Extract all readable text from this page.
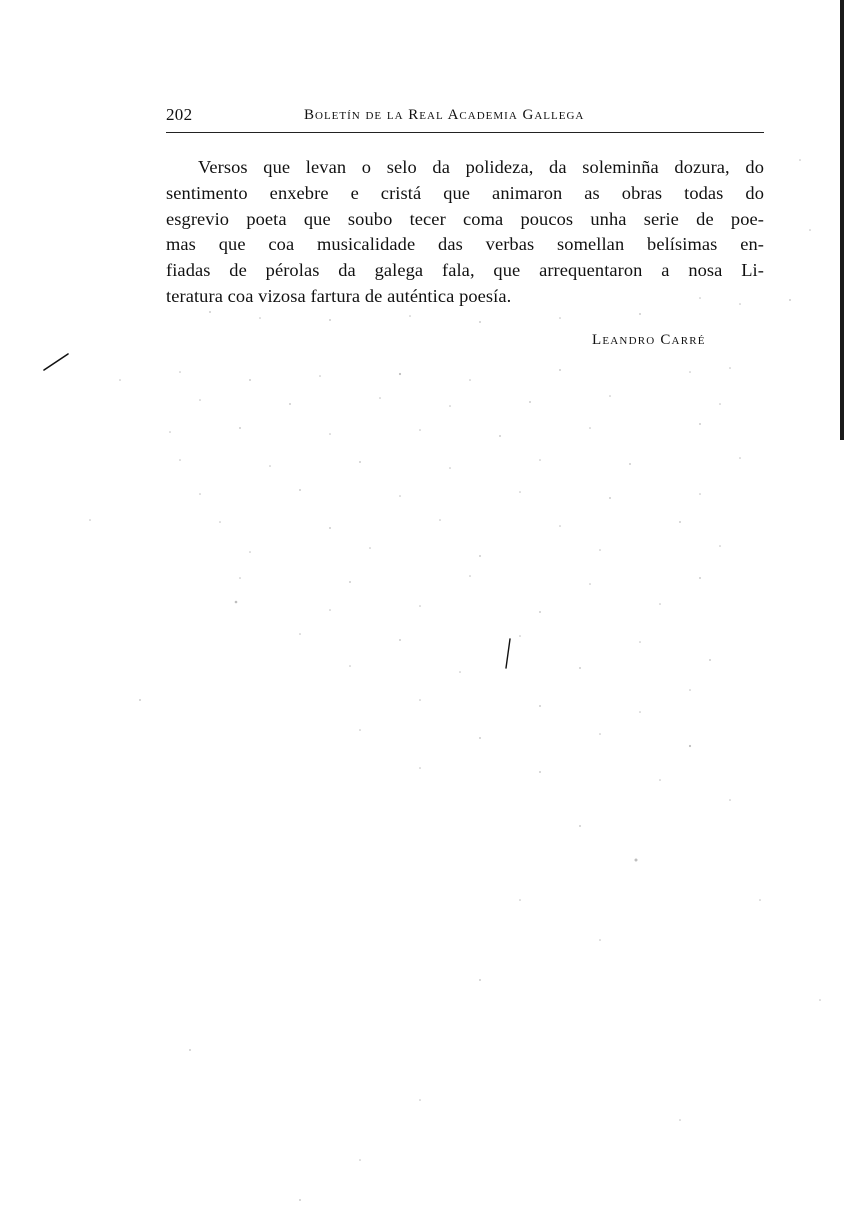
202	Boletín de la Real Academia Gallega
Versos que levan o selo da polideza, da soleminña dozura, do
sentimento enxebre e cristá que animaron as obras todas do
esgrevio poeta que soubo tecer coma poucos unha serie de poe-
mas que coa musicalidade das verbas somellan belísimas en-
fiadas de pérolas da galega fala, que arrequentaron a nosa Li-
teratura coa vizosa fartura de auténtica poesía.
Leandro Carré
